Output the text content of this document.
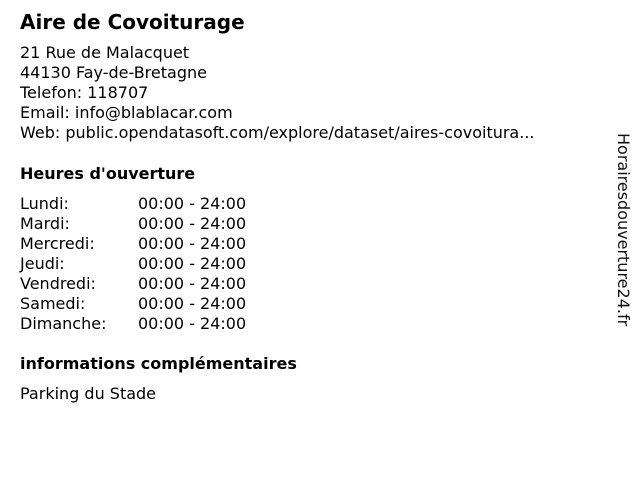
Aire de Covoiturage
21 Rue de Malacquet
44130 Fay-de-Bretagne
Telefon: 118707
Email: info@blablacar.com
Web: public.opendatasoft.com/explore/dataset/aires-covoitura...
Heures d'ouverture
Lundi:	00:00 - 24:00
Mardi:	00:00 - 24:00
Mercredi:	00:00 - 24:00
Jeudi:	00:00 - 24:00
Vendredi:	00:00 - 24:00
Samedi:	00:00 - 24:00
Dimanche: 00:00 - 24:00
informations complémentaires
Parking du Stade
Horairesdouverture24.fr
